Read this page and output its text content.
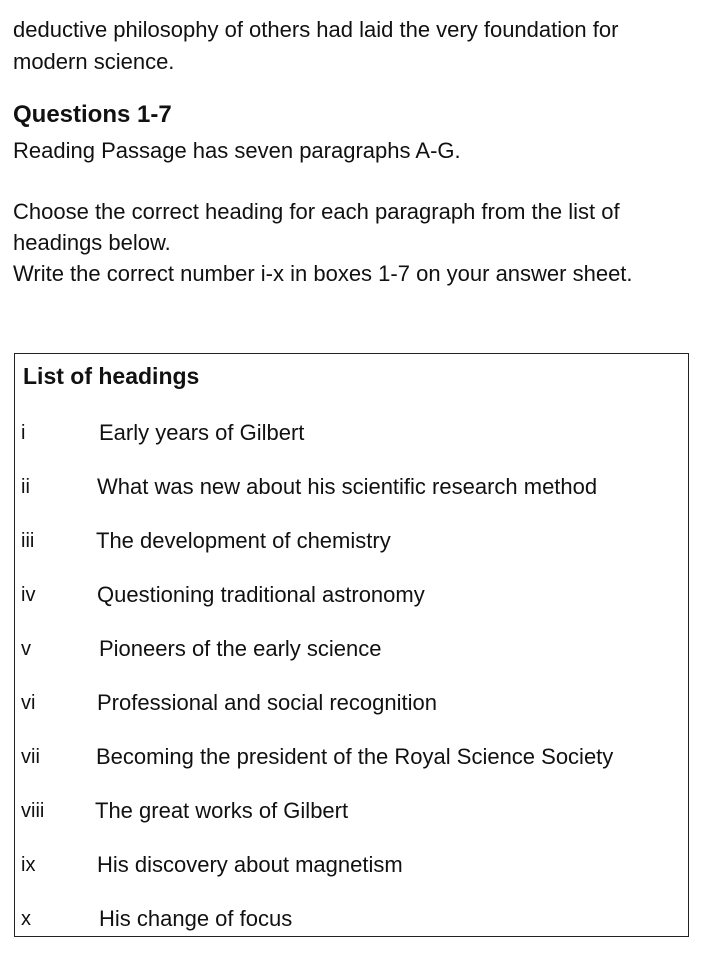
deductive philosophy of others had laid the very foundation for
modern science.
Questions 1-7
Reading Passage has seven paragraphs A-G.
Choose the correct heading for each paragraph from the list of
headings below.
Write the correct number i-x in boxes 1-7 on your answer sheet.
List of headings
i	Early years of Gilbert
ii	What was new about his scientific research method
iii	The development of chemistry
iv	Questioning traditional astronomy
v	Pioneers of the early science
vi	Professional and social recognition
vii	Becoming the president of the Royal Science Society
viii The great works of Gilbert
ix	His discovery about magnetism
x	His change of focus
